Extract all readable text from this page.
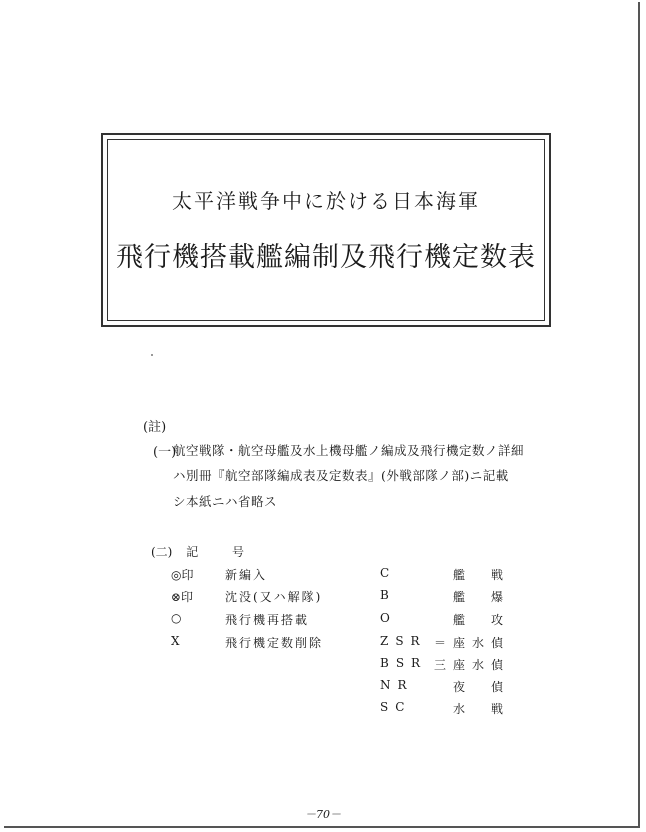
太平洋戦争中に於ける日本海軍
飛行機搭載艦編制及飛行機定数表
(註)
(一)
航空戦隊・航空母艦及水上機母艦ノ編成及飛行機定数ノ詳細
ハ別冊『航空部隊編成表及定数表』(外戦部隊ノ部)ニ記載
シ本紙ニハ省略ス
(二) 記	号
◎印	新編入
⊗印	沈没(又ハ解隊)
○	飛行機再搭載
X	飛行機定数削除
C	艦　戦
B	艦　爆
O	艦　攻
ZSR ＝座水偵
BSR 三座水偵
NR	夜　偵
SC	水　戦
－70－
